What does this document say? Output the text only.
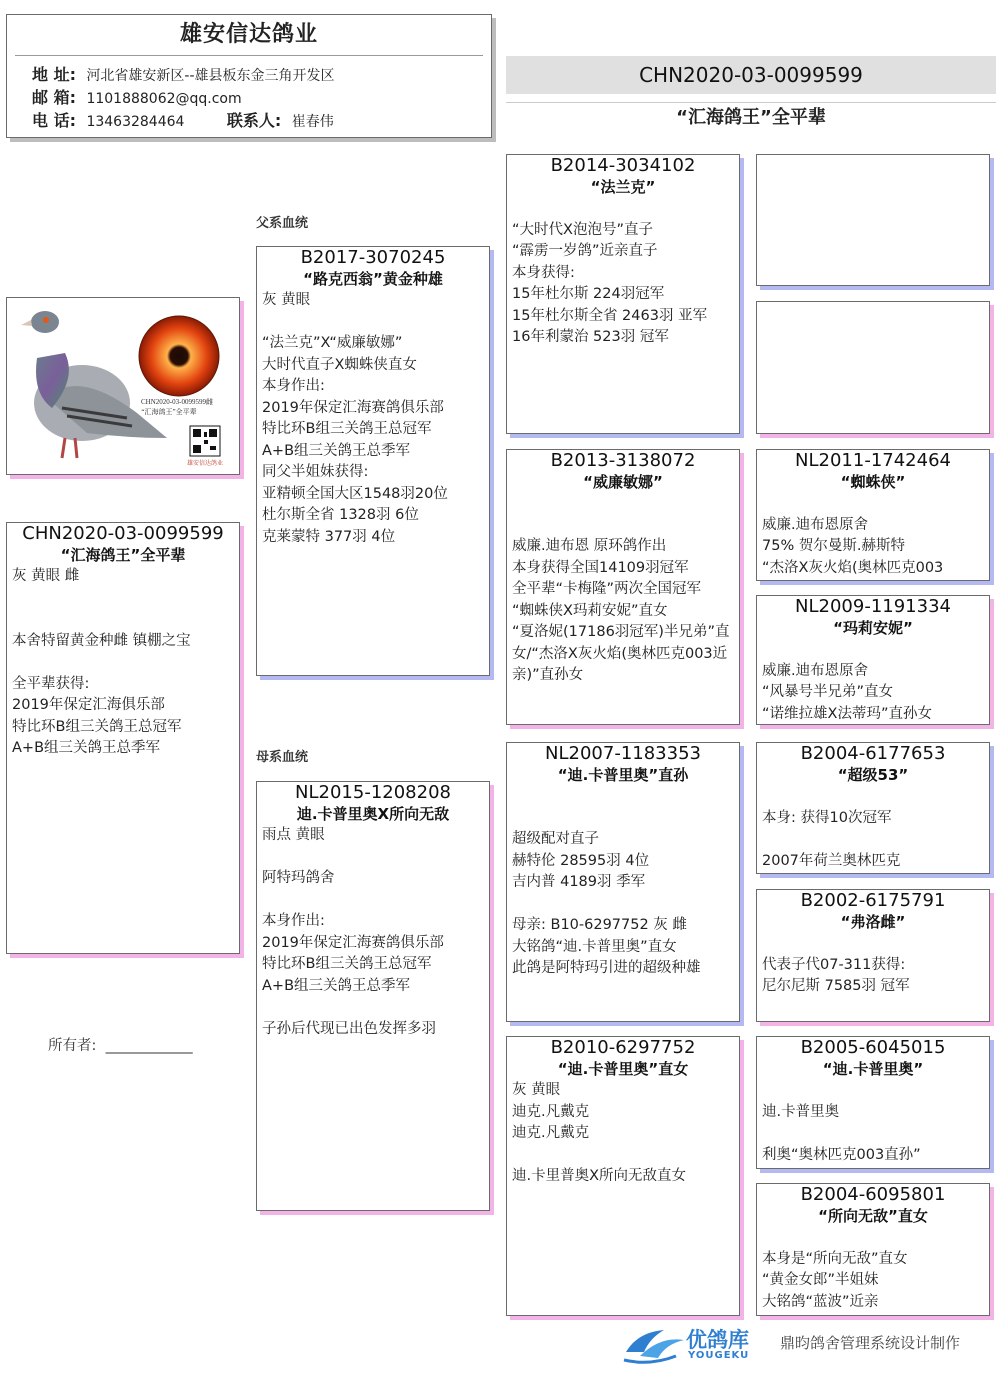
雄安信达鸽业
地 址: 河北省雄安新区--雄县板东金三角开发区
邮 箱: 1101888062@qq.com
电 话: 13463284464	联系人: 崔春伟
CHN2020-03-0099599
“汇海鸽王”全平辈
父系血统
母系血统
CHN2020-03-0099599雌
“汇海鸽王”全平辈
雄安信达鸽业
CHN2020-03-0099599
“汇海鸽王”全平辈
灰 黄眼 雌
本舍特留黄金种雌 镇棚之宝
全平辈获得:
2019年保定汇海俱乐部
特比环B组三关鸽王总冠军
A+B组三关鸽王总季军
所有者:  ____________
B2017-3070245
“路克西翁”黄金种雄
灰 黄眼
“法兰克”X“威廉敏娜”
大时代直子X蜘蛛侠直女
本身作出:
2019年保定汇海赛鸽俱乐部
特比环B组三关鸽王总冠军
A+B组三关鸽王总季军
同父半姐妹获得:
亚精顿全国大区1548羽20位
杜尔斯全省 1328羽 6位
克莱蒙特 377羽 4位
NL2015-1208208
迪.卡普里奥X所向无敌
雨点 黄眼
阿特玛鸽舍
本身作出:
2019年保定汇海赛鸽俱乐部
特比环B组三关鸽王总冠军
A+B组三关鸽王总季军
子孙后代现已出色发挥多羽
B2014-3034102
“法兰克”
“大时代X泡泡号”直子
“霹雳一岁鸽”近亲直子
本身获得:
15年杜尔斯 224羽冠军
15年杜尔斯全省 2463羽 亚军
16年利蒙治 523羽 冠军
B2013-3138072
“威廉敏娜”
威廉.迪布恩 原环鸽作出
本身获得全国14109羽冠军
全平辈“卡梅隆”两次全国冠军
“蜘蛛侠X玛莉安妮”直女
“夏洛妮(17186羽冠军)半兄弟”直女/“杰洛X灰火焰(奥林匹克003近亲)”直孙女
NL2007-1183353
“迪.卡普里奥”直孙
超级配对直子
赫特伦 28595羽 4位
吉内普 4189羽 季军
母亲: B10-6297752 灰 雌
大铭鸽“迪.卡普里奥”直女
此鸽是阿特玛引进的超级种雄
B2010-6297752
“迪.卡普里奥”直女
灰 黄眼
迪克.凡戴克
迪克.凡戴克
迪.卡里普奥X所向无敌直女
NL2011-1742464
“蜘蛛侠”
威廉.迪布恩原舍
75% 贺尔曼斯.赫斯特
“杰洛X灰火焰(奥林匹克003
NL2009-1191334
“玛莉安妮”
威廉.迪布恩原舍
“风暴号半兄弟”直女
“诺维拉雄X法蒂玛”直孙女
B2004-6177653
“超级53”
本身: 获得10次冠军
2007年荷兰奥林匹克
B2002-6175791
“弗洛雌”
代表子代07-311获得:
尼尔尼斯 7585羽 冠军
B2005-6045015
“迪.卡普里奥”
迪.卡普里奥
利奥“奥林匹克003直孙”
B2004-6095801
“所向无敌”直女
本身是“所向无敌”直女
“黄金女郎”半姐妹
大铭鸽“蓝波”近亲
优鸽库
YOUGEKU
鼎昀鸽舍管理系统设计制作
